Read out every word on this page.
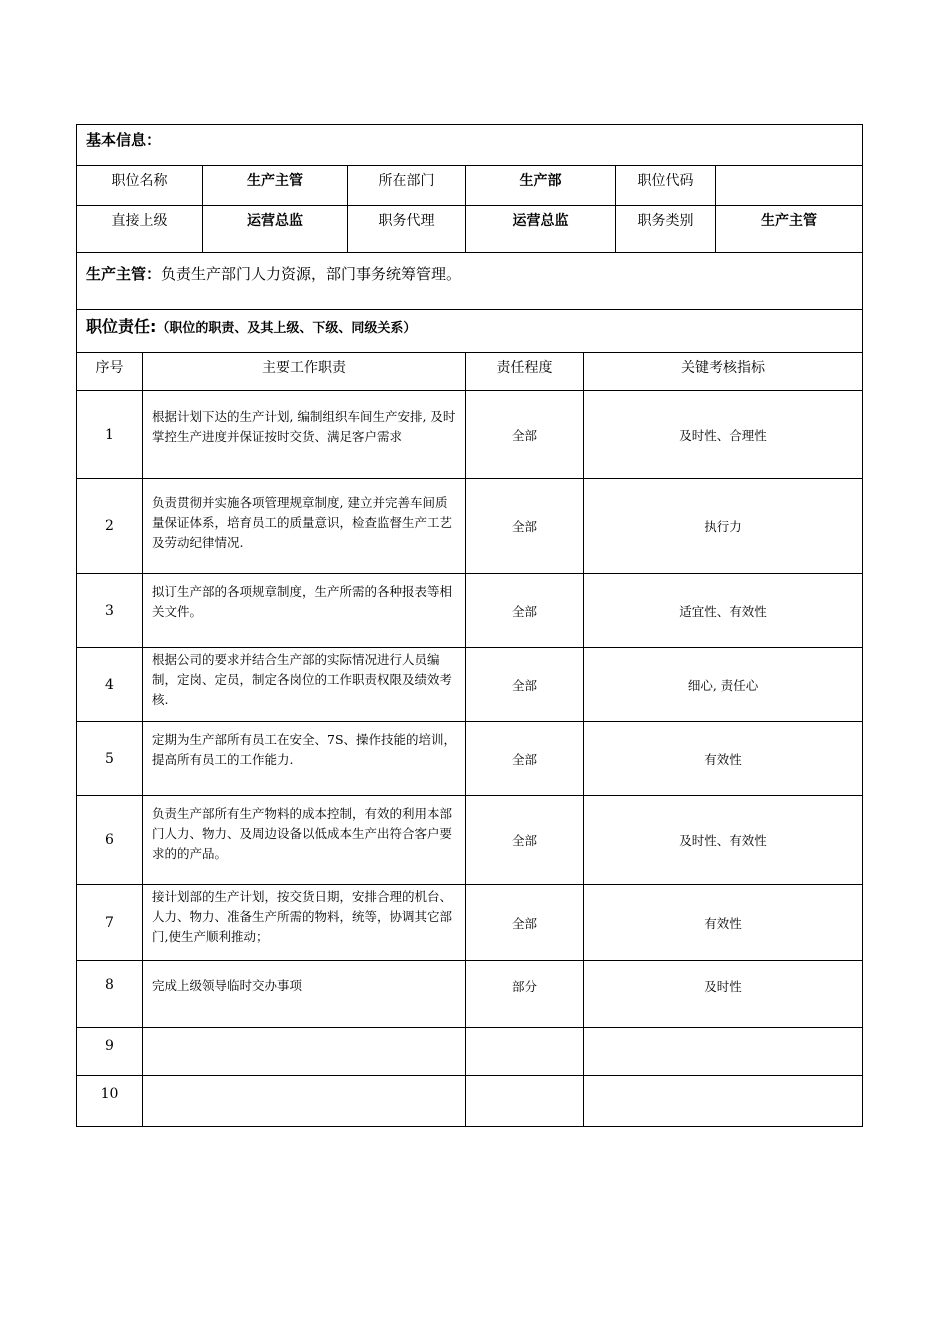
基本信息：							
职位名称		生产主管	所在部门	生产部		职位代码	
直接上级		运营总监	职务代理	运营总监		职务类别	生产主管
生产主管：负责生产部门人力资源，部门事务统筹管理。							
职位责任:（职位的职责、及其上级、下级、同级关系）							
序号	主要工作职责			责任程度	关键考核指标		
1	根据计划下达的生产计划, 编制组织车间生产安排, 及时掌控生产进度并保证按时交货、满足客户需求			全部	及时性、合理性		
2	负责贯彻并实施各项管理规章制度, 建立并完善车间质量保证体系，培育员工的质量意识，检查监督生产工艺及劳动纪律情况.			全部	执行力		
3	拟订生产部的各项规章制度，生产所需的各种报表等相关文件。			全部	适宜性、有效性		
4	根据公司的要求并结合生产部的实际情况进行人员编制，定岗、定员，制定各岗位的工作职责权限及绩效考核.			全部	细心, 责任心		
5	定期为生产部所有员工在安全、7S、操作技能的培训，提高所有员工的工作能力.			全部	有效性		
6	负责生产部所有生产物料的成本控制，有效的利用本部门人力、物力、及周边设备以低成本生产出符合客户要求的的产品。			全部	及时性、有效性		
7	接计划部的生产计划，按交货日期，安排合理的机台、人力、物力、准备生产所需的物料，统等，协调其它部门,使生产顺利推动；			全部	有效性		
8	完成上级领导临时交办事项			部分	及时性		
9							
10							
